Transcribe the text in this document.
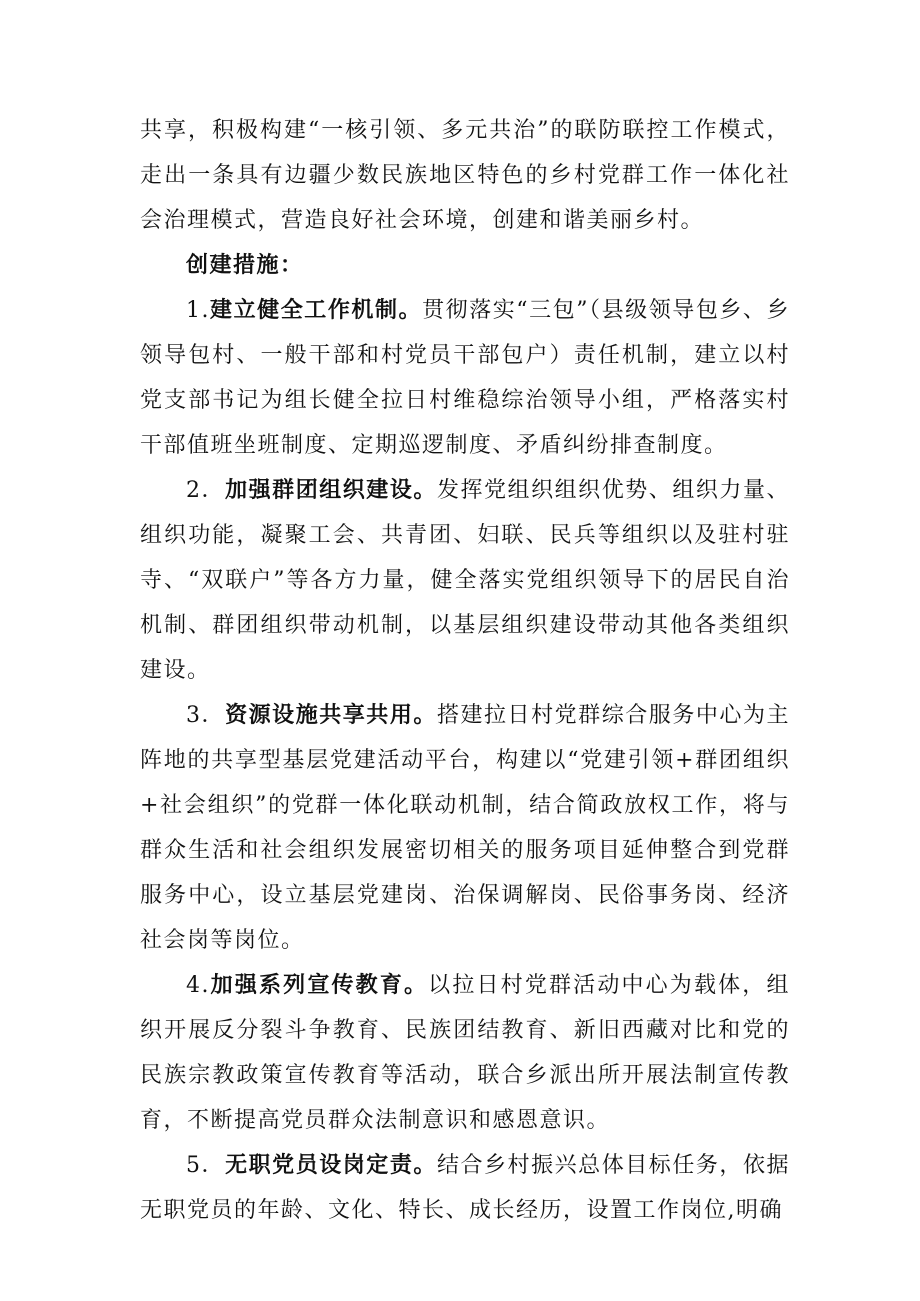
共享，积极构建“一核引领、多元共治”的联防联控工作模式，走出一条具有边疆少数民族地区特色的乡村党群工作一体化社会治理模式，营造良好社会环境，创建和谐美丽乡村。

创建措施：

1.建立健全工作机制。贯彻落实“三包”（县级领导包乡、乡领导包村、一般干部和村党员干部包户）责任机制，建立以村党支部书记为组长健全拉日村维稳综治领导小组，严格落实村干部值班坐班制度、定期巡逻制度、矛盾纠纷排查制度。

2．加强群团组织建设。发挥党组织组织优势、组织力量、组织功能，凝聚工会、共青团、妇联、民兵等组织以及驻村驻寺、“双联户”等各方力量，健全落实党组织领导下的居民自治机制、群团组织带动机制，以基层组织建设带动其他各类组织建设。

3．资源设施共享共用。搭建拉日村党群综合服务中心为主阵地的共享型基层党建活动平台，构建以“党建引领+群团组织+社会组织”的党群一体化联动机制，结合简政放权工作，将与群众生活和社会组织发展密切相关的服务项目延伸整合到党群服务中心，设立基层党建岗、治保调解岗、民俗事务岗、经济社会岗等岗位。

4.加强系列宣传教育。以拉日村党群活动中心为载体，组织开展反分裂斗争教育、民族团结教育、新旧西藏对比和党的民族宗教政策宣传教育等活动，联合乡派出所开展法制宣传教育，不断提高党员群众法制意识和感恩意识。

5．无职党员设岗定责。结合乡村振兴总体目标任务，依据无职党员的年龄、文化、特长、成长经历，设置工作岗位,明确
